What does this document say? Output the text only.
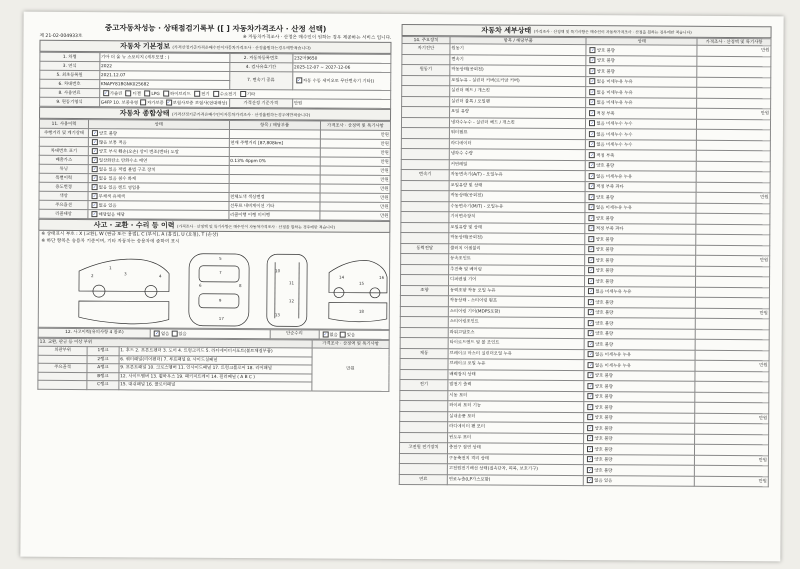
중고자동차성능 · 상태점검기록부 ([ ] 자동차가격조사 · 산정 선택)
제 21-02-004933호	※ 자동차가격조사 · 산정은 매수인이 원하는 경우 제공하는 서비스 입니다.
자동차 기본정보 (가격산정기준가격은매수인이자동차가격조사 · 산정을원하는경우에만적습니다)
1. 차명	기아 더 올 뉴 스포티지 (세부모델 : )	2. 자동차등록번호	232머9650
3. 연식	2022	4. 검사유효기간	2025-12-07 ~ 2027-12-06
5. 최초등록일	2021.12.07	7. 변속기 종류	✓자동 수동 세미오토 무단변속기 기타()
6. 차대번호	KNAPY81BGNK025682		
8. 사용연료	✓가솔린 디젤 LPG 하이브리드 전기 수소전기 기타
9. 원동기형식	G4FP 10. 보증유형 자가보증 ✓ 보험사보증 보험사(현대해상)	가격산정 기준가격	만원
자동차 종합상태 (가격산정기준가격은매수인이자동차가격조사 · 산정을원하는경우에만적습니다)
11. 사용이력	상태	항목 / 해당부품	가격조사 · 산정액 및 특기사항
주행거리 및 계기상태	✓양호 불량		만원
	✓많음 보통 적음	현재 주행거리 [87,808km]	만원
차대번호 표기	✓양호 부식 훼손(오손) 상이 변조(변타) 도말		만원
배출가스	✓일산화탄소 탄화수소 매연	0.13% 4ppm 0%	만원
튜닝	✓없음 있음 적법 불법 구조 장치		만원
특별이력	✓없음 있음 침수 화재		만원
용도변경	✓없음 있음 렌트 영업용		만원
색상	✓무채색 유채색	전체도색 색상변경	만원
주요옵션	✓없음 있음	선루프 내비게이션 기타	만원
리콜대상	✓해당없음 해당	리콜이행 이행 미이행	만원
사고 · 교환 · 수리 등 이력 (가격조사 · 산정액 및 특기사항은 매수인이 자동차가격조사 · 산정을 원하는 경우에만 적습니다)
※ 상태표시 부호 : X (교환), W (판금 또는 용접), C (부식), A (흠집), U (요철), T (손상)
※ 하단 항목은 승용차 기준이며, 기타 자동차는 승용차에 준하여 표시
1
2	3	4
5
6
7
8
9
10
11
12
13
14
15
16
17
18
12. 사고이력(유의사항 4 참조)	✓없음 있음	단순수리	✓없음 있음
13. 교환, 판금 등 이상 부위			가격조사 · 산정액 및 특기사항
외판부위	1랭크	1. 후드 2. 프론트펜더 3. 도어 4. 트렁크리드 5. 라디에이터서포트(볼트체결부품)	만원
	2랭크	6. 쿼터패널(리어펜더) 7. 루프패널 8. 사이드실패널	
주요골격	A랭크	9. 프론트패널 10. 크로스멤버 11. 인사이드패널 17. 트렁크플로어 18. 리어패널	
	B랭크	12. 사이드멤버 13. 휠하우스 19. 패키지트레이 14. 필러패널 ( A B C )	
	C랭크	15. 대쉬패널 16. 플로어패널	
자동차 세부상태 (가격조사 · 산정액 및 특기사항은 매수인이 자동차가격조사 · 산정을 원하는 경우에만 적습니다)
14. 주요장치	항목 / 해당부품	상태	가격조사 · 산정액 및 특기사항
자기진단	원동기	✓양호 불량	만원
	변속기	✓양호 불량	
원동기	작동상태(공회전)	✓양호 불량	
	오일누유 - 실린더 커버(로커암 커버)	✓없음 미세누유 누유	
	실린더 헤드 / 개스킷	✓없음 미세누유 누유	
	실린더 블록 / 오일팬	✓없음 미세누유 누유	
	오일 유량	✓적정 부족	만원
	냉각수누수 - 실린더 헤드 / 개스킷	✓없음 미세누수 누수	
	워터펌프	✓없음 미세누수 누수	
	라디에이터	✓없음 미세누수 누수	
	냉각수 수량	✓적정 부족	
	커먼레일	✓양호 불량	
변속기	자동변속기(A/T) - 오일누유	✓없음 미세누유 누유	
	오일유량 및 상태	✓적정 부족 과다	
	작동상태(공회전)	✓양호 불량	만원
	수동변속기(M/T) - 오일누유	✓없음 미세누유 누유	
	기어변속장치	✓양호 불량	
	오일유량 및 상태	✓적정 부족 과다	
	작동상태(공회전)	✓양호 불량	
동력전달	클러치 어셈블리	✓양호 불량	
	등속조인트	✓양호 불량	만원
	추진축 및 베어링	✓양호 불량	
	디퍼렌셜 기어	✓양호 불량	
조향	동력조향 작동 오일 누유	✓없음 미세누유 누유	
	작동상태 - 스티어링 펌프	✓양호 불량	
	스티어링 기어(MDPS포함)	✓양호 불량	만원
	스티어링조인트	✓양호 불량	
	파워고압호스	✓양호 불량	
	타이로드엔드 및 볼 조인트	✓양호 불량	
제동	브레이크 마스터 실린더오일 누유	✓없음 미세누유 누유	
	브레이크 오일 누유	✓없음 미세누유 누유	만원
	배력장치 상태	✓양호 불량	
전기	발전기 출력	✓양호 불량	
	시동 모터	✓양호 불량	
	와이퍼 모터 기능	✓양호 불량	
	실내송풍 모터	✓양호 불량	만원
	라디에이터 팬 모터	✓양호 불량	
	윈도우 모터	✓양호 불량	
고전원 전기장치	충전구 절연 상태	✓양호 불량	
	구동축전지 격리 상태	✓양호 불량	만원
	고전원전기배선 상태(접속단자, 피복, 보호기구)	✓양호 불량	
연료	연료누출(LP가스포함)	✓없음 있음	만원
